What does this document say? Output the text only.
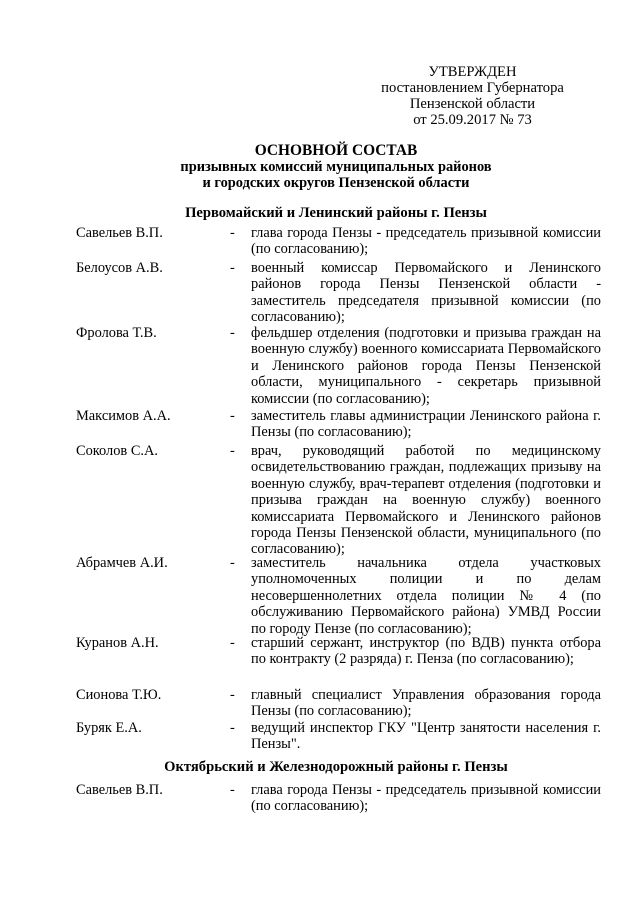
УТВЕРЖДЕН
постановлением Губернатора
Пензенской области
от 25.09.2017 № 73
ОСНОВНОЙ СОСТАВ
призывных комиссий муниципальных районов
и городских округов Пензенской области
Первомайский и Ленинский районы г. Пензы
Савельев В.П.	- глава города Пензы - председатель призывной комиссии (по согласованию);
Белоусов А.В.	- военный комиссар Первомайского и Ленинского районов города Пензы Пензенской области - заместитель председателя призывной комиссии (по согласованию);
Фролова Т.В.	- фельдшер отделения (подготовки и призыва граждан на военную службу) военного комиссариата Первомайского и Ленинского районов города Пензы Пензенской области, муниципального - секретарь призывной комиссии (по согласованию);
Максимов А.А.	- заместитель главы администрации Ленинского района г. Пензы (по согласованию);
Соколов С.А.	- врач, руководящий работой по медицинскому освидетельствованию граждан, подлежащих призыву на военную службу, врач-терапевт отделения (подготовки и призыва граждан на военную службу) военного комиссариата Первомайского и Ленинского районов города Пензы Пензенской области, муниципального (по согласованию);
Абрамчев А.И.	- заместитель начальника отдела участковых уполномоченных полиции и по делам несовершеннолетних отдела полиции № 4 (по обслуживанию Первомайского района) УМВД России по городу Пензе (по согласованию);
Куранов А.Н.	- старший сержант, инструктор (по ВДВ) пункта отбора по контракту (2 разряда) г. Пенза (по согласованию);
Сионова Т.Ю.	- главный специалист Управления образования города Пензы (по согласованию);
Буряк Е.А.	- ведущий инспектор ГКУ "Центр занятости населения г. Пензы".
Октябрьский и Железнодорожный районы г. Пензы
Савельев В.П.	- глава города Пензы - председатель призывной комиссии (по согласованию);
